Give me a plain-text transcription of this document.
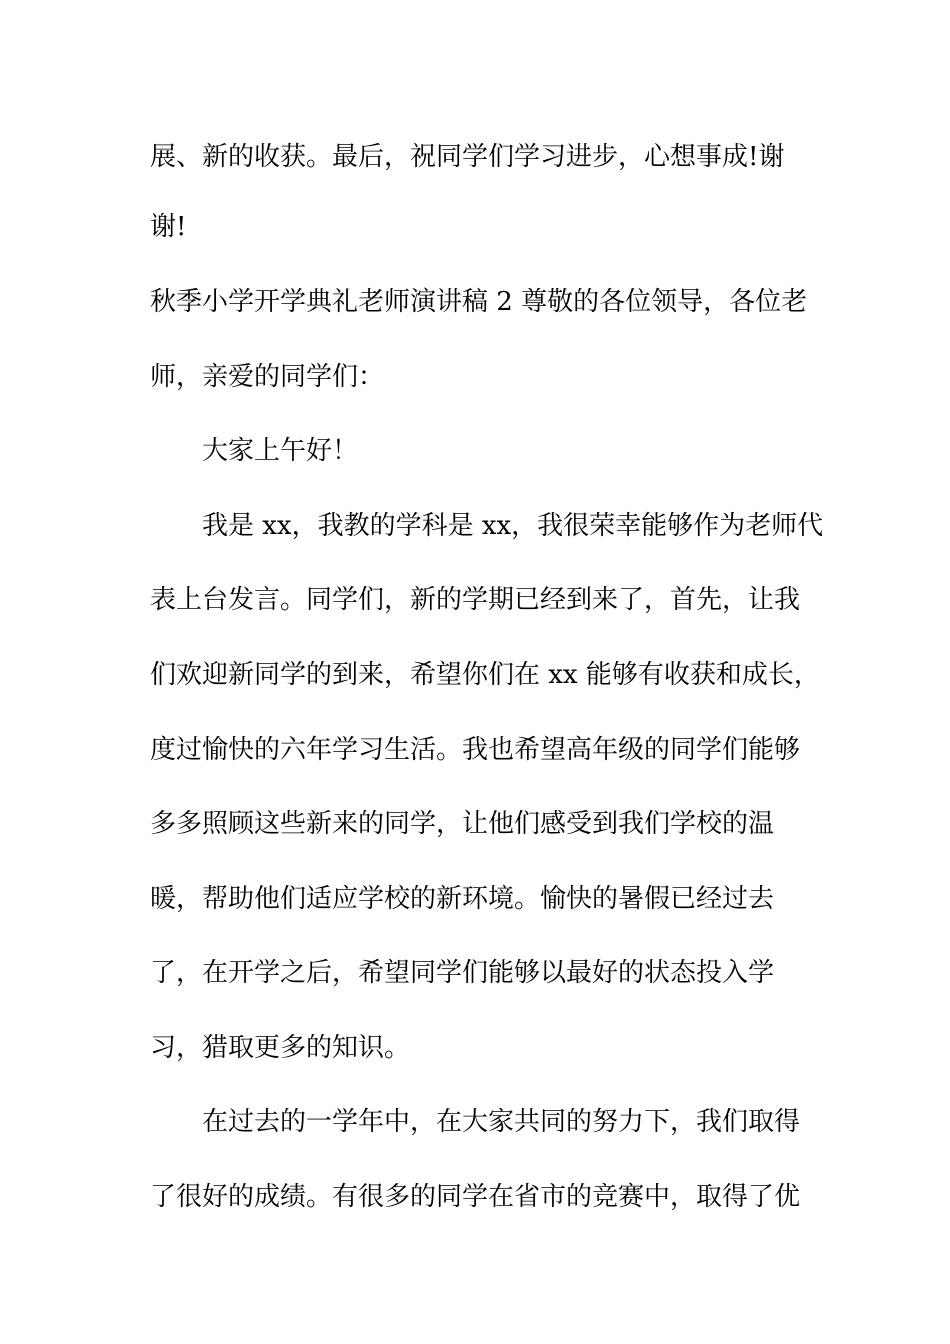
展、新的收获。最后，祝同学们学习进步，心想事成!谢
谢!
秋季小学开学典礼老师演讲稿 2 尊敬的各位领导，各位老
师，亲爱的同学们：
大家上午好！
我是 xx，我教的学科是 xx，我很荣幸能够作为老师代
表上台发言。同学们，新的学期已经到来了，首先，让我
们欢迎新同学的到来，希望你们在 xx 能够有收获和成长，
度过愉快的六年学习生活。我也希望高年级的同学们能够
多多照顾这些新来的同学，让他们感受到我们学校的温
暖，帮助他们适应学校的新环境。愉快的暑假已经过去
了，在开学之后，希望同学们能够以最好的状态投入学
习，猎取更多的知识。
在过去的一学年中，在大家共同的努力下，我们取得
了很好的成绩。有很多的同学在省市的竞赛中，取得了优
